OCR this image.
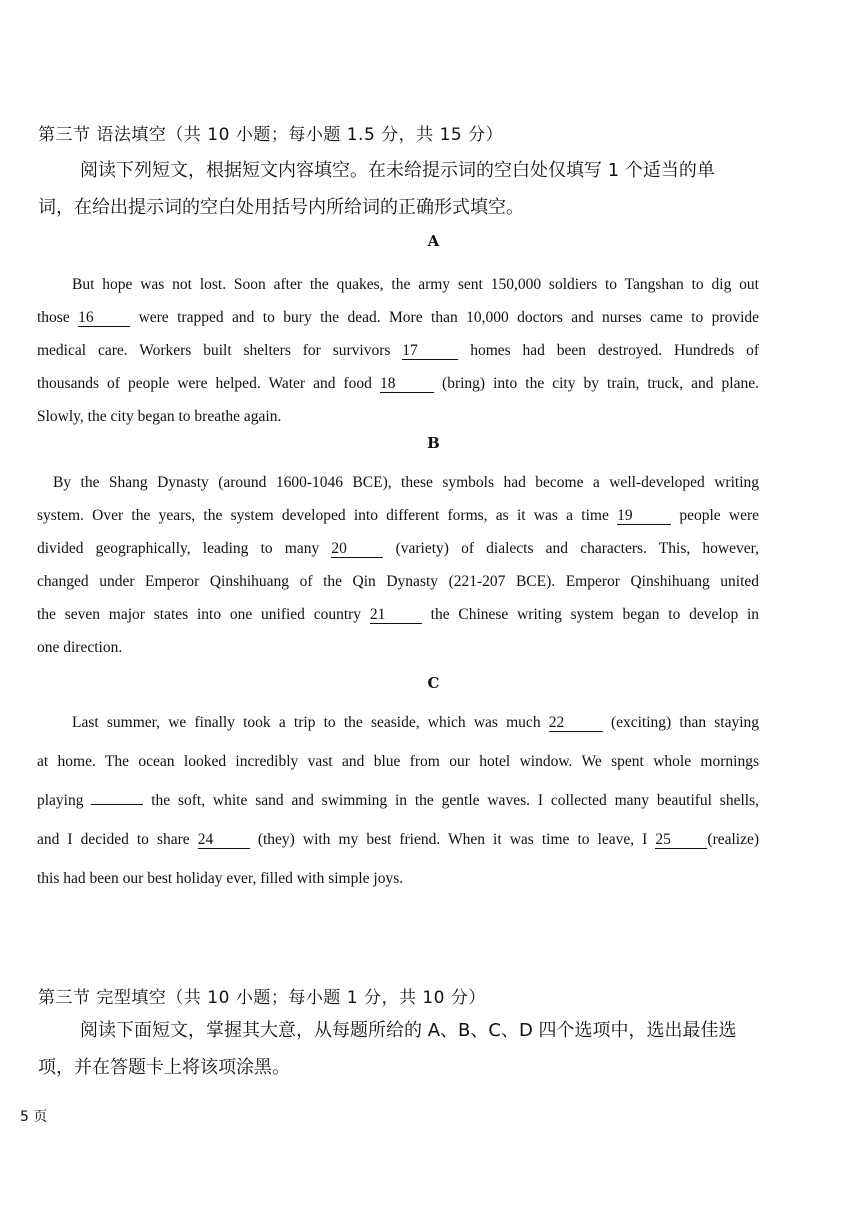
第三节 语法填空（共 10 小题；每小题 1.5 分，共 15 分）
阅读下列短文，根据短文内容填空。在未给提示词的空白处仅填写 1 个适当的单
词，在给出提示词的空白处用括号内所给词的正确形式填空。
A
But hope was not lost. Soon after the quakes, the army sent 150,000 soldiers to Tangshan to dig out
those 16	were trapped and to bury the dead. More than 10,000 doctors and nurses came to provide
medical care. Workers built shelters for survivors 17	homes had been destroyed. Hundreds of
thousands of people were helped. Water and food 18	(bring) into the city by train, truck, and plane.
Slowly, the city began to breathe again.
B
By the Shang Dynasty (around 1600-1046 BCE), these symbols had become a well-developed writing
system. Over the years, the system developed into different forms, as it was a time 19	people were
divided geographically, leading to many 20	(variety) of dialects and characters. This, however,
changed under Emperor Qinshihuang of the Qin Dynasty (221-207 BCE). Emperor Qinshihuang united
the seven major states into one unified country 21	the Chinese writing system began to develop in
one direction.
C
Last summer, we finally took a trip to the seaside, which was much 22	(exciting) than staying
at home. The ocean looked incredibly vast and blue from our hotel window. We spent whole mornings
playing	the soft, white sand and swimming in the gentle waves. I collected many beautiful shells,
and I decided to share 24	(they) with my best friend. When it was time to leave, I 25 (realize)
this had been our best holiday ever, filled with simple joys.
第三节 完型填空（共 10 小题；每小题 1 分，共 10 分）
阅读下面短文，掌握其大意，从每题所给的 A、B、C、D 四个选项中，选出最佳选
项，并在答题卡上将该项涂黑。
5 页
